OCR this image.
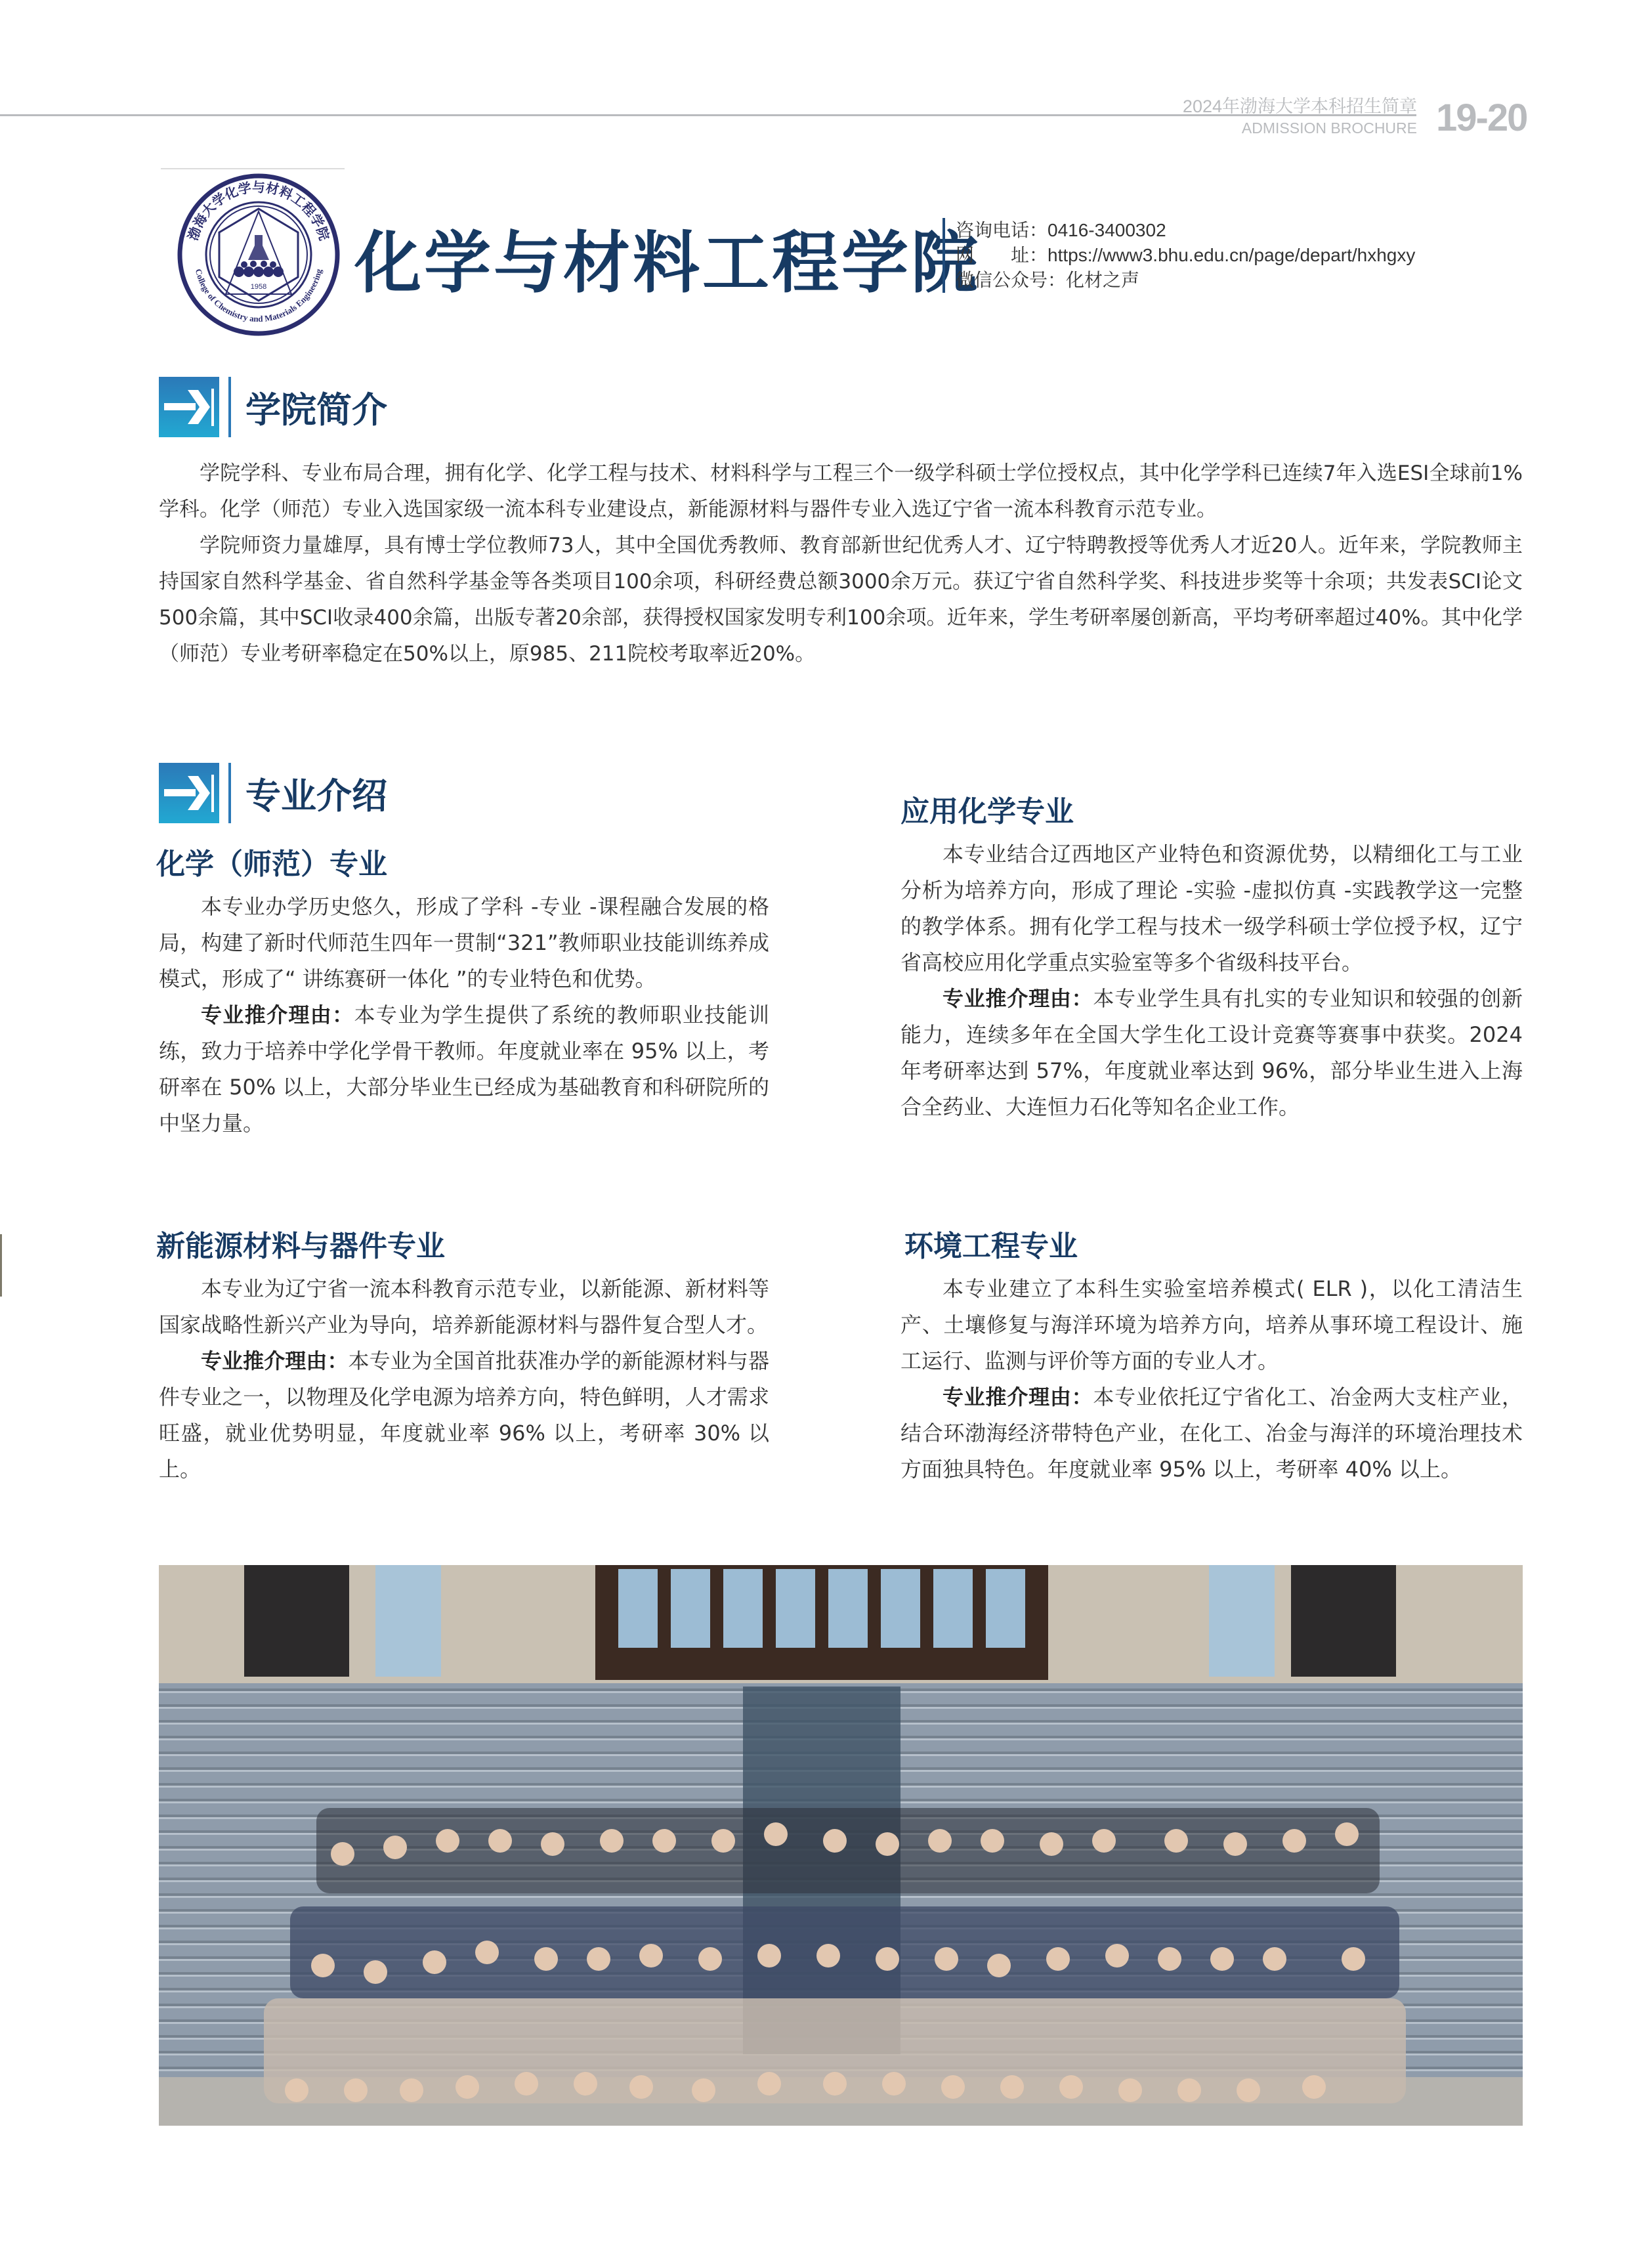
2024年渤海大学本科招生简章
ADMISSION BROCHURE 19-20
1958
渤海大学化学与材料工程学院
College of Chemistry and Materials Engineering 化学与材料工程学院
咨询电话：0416-3400302
网　　址：https://www3.bhu.edu.cn/page/depart/hxhgxy
微信公众号：化材之声
学院简介

学院学科、专业布局合理，拥有化学、化学工程与技术、材料科学与工程三个一级学科硕士学位授权点，其中化学学科已连续7年入选ESI全球前1%学科。化学（师范）专业入选国家级一流本科专业建设点，新能源材料与器件专业入选辽宁省一流本科教育示范专业。

学院师资力量雄厚，具有博士学位教师73人，其中全国优秀教师、教育部新世纪优秀人才、辽宁特聘教授等优秀人才近20人。近年来，学院教师主持国家自然科学基金、省自然科学基金等各类项目100余项，科研经费总额3000余万元。获辽宁省自然科学奖、科技进步奖等十余项；共发表SCI论文500余篇，其中SCI收录400余篇，出版专著20余部，获得授权国家发明专利100余项。近年来，学生考研率屡创新高，平均考研率超过40%。其中化学（师范）专业考研率稳定在50%以上，原985、211院校考取率近20%。

专业介绍
化学（师范）专业

本专业办学历史悠久，形成了学科 -专业 -课程融合发展的格局，构建了新时代师范生四年一贯制“321”教师职业技能训练养成模式，形成了“ 讲练赛研一体化 ”的专业特色和优势。

专业推介理由：本专业为学生提供了系统的教师职业技能训练，致力于培养中学化学骨干教师。年度就业率在 95% 以上，考研率在 50% 以上，大部分毕业生已经成为基础教育和科研院所的中坚力量。

新能源材料与器件专业

本专业为辽宁省一流本科教育示范专业，以新能源、新材料等国家战略性新兴产业为导向，培养新能源材料与器件复合型人才。

专业推介理由：本专业为全国首批获准办学的新能源材料与器件专业之一，以物理及化学电源为培养方向，特色鲜明，人才需求旺盛，就业优势明显，年度就业率 96% 以上，考研率 30% 以上。

应用化学专业

本专业结合辽西地区产业特色和资源优势，以精细化工与工业分析为培养方向，形成了理论 -实验 -虚拟仿真 -实践教学这一完整的教学体系。拥有化学工程与技术一级学科硕士学位授予权，辽宁省高校应用化学重点实验室等多个省级科技平台。

专业推介理由：本专业学生具有扎实的专业知识和较强的创新能力，连续多年在全国大学生化工设计竞赛等赛事中获奖。2024 年考研率达到 57%，年度就业率达到 96%，部分毕业生进入上海合全药业、大连恒力石化等知名企业工作。

环境工程专业

本专业建立了本科生实验室培养模式( ELR )，以化工清洁生产、土壤修复与海洋环境为培养方向，培养从事环境工程设计、施工运行、监测与评价等方面的专业人才。

专业推介理由：本专业依托辽宁省化工、冶金两大支柱产业，结合环渤海经济带特色产业，在化工、冶金与海洋的环境治理技术方面独具特色。年度就业率 95% 以上，考研率 40% 以上。
